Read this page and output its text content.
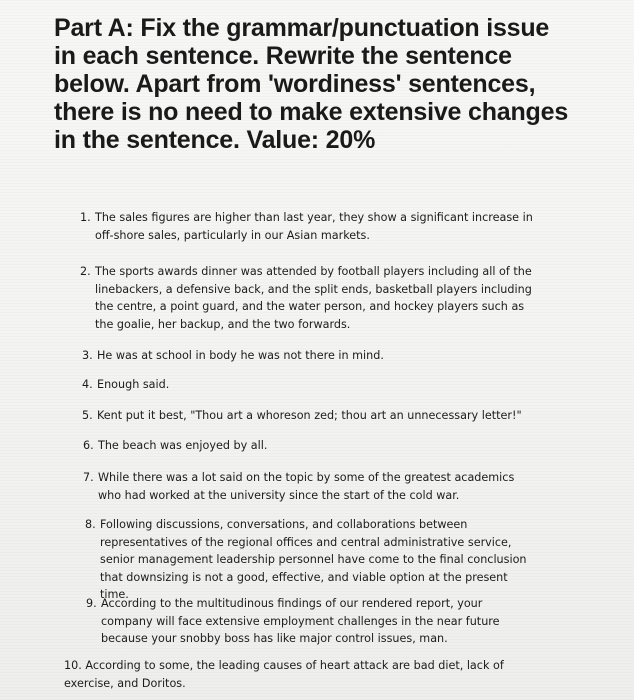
Part A: Fix the grammar/punctuation issue in each sentence. Rewrite the sentence below. Apart from 'wordiness' sentences, there is no need to make extensive changes in the sentence. Value: 20%
1. The sales figures are higher than last year, they show a significant increase in off-shore sales, particularly in our Asian markets.
2. The sports awards dinner was attended by football players including all of the linebackers, a defensive back, and the split ends, basketball players including the centre, a point guard, and the water person, and hockey players such as the goalie, her backup, and the two forwards.
3. He was at school in body he was not there in mind.
4. Enough said.
5. Kent put it best, "Thou art a whoreson zed; thou art an unnecessary letter!"
6. The beach was enjoyed by all.
7. While there was a lot said on the topic by some of the greatest academics who had worked at the university since the start of the cold war.
8. Following discussions, conversations, and collaborations between representatives of the regional offices and central administrative service, senior management leadership personnel have come to the final conclusion that downsizing is not a good, effective, and viable option at the present time.
9. According to the multitudinous findings of our rendered report, your company will face extensive employment challenges in the near future because your snobby boss has like major control issues, man.
10. According to some, the leading causes of heart attack are bad diet, lack of exercise, and Doritos.
